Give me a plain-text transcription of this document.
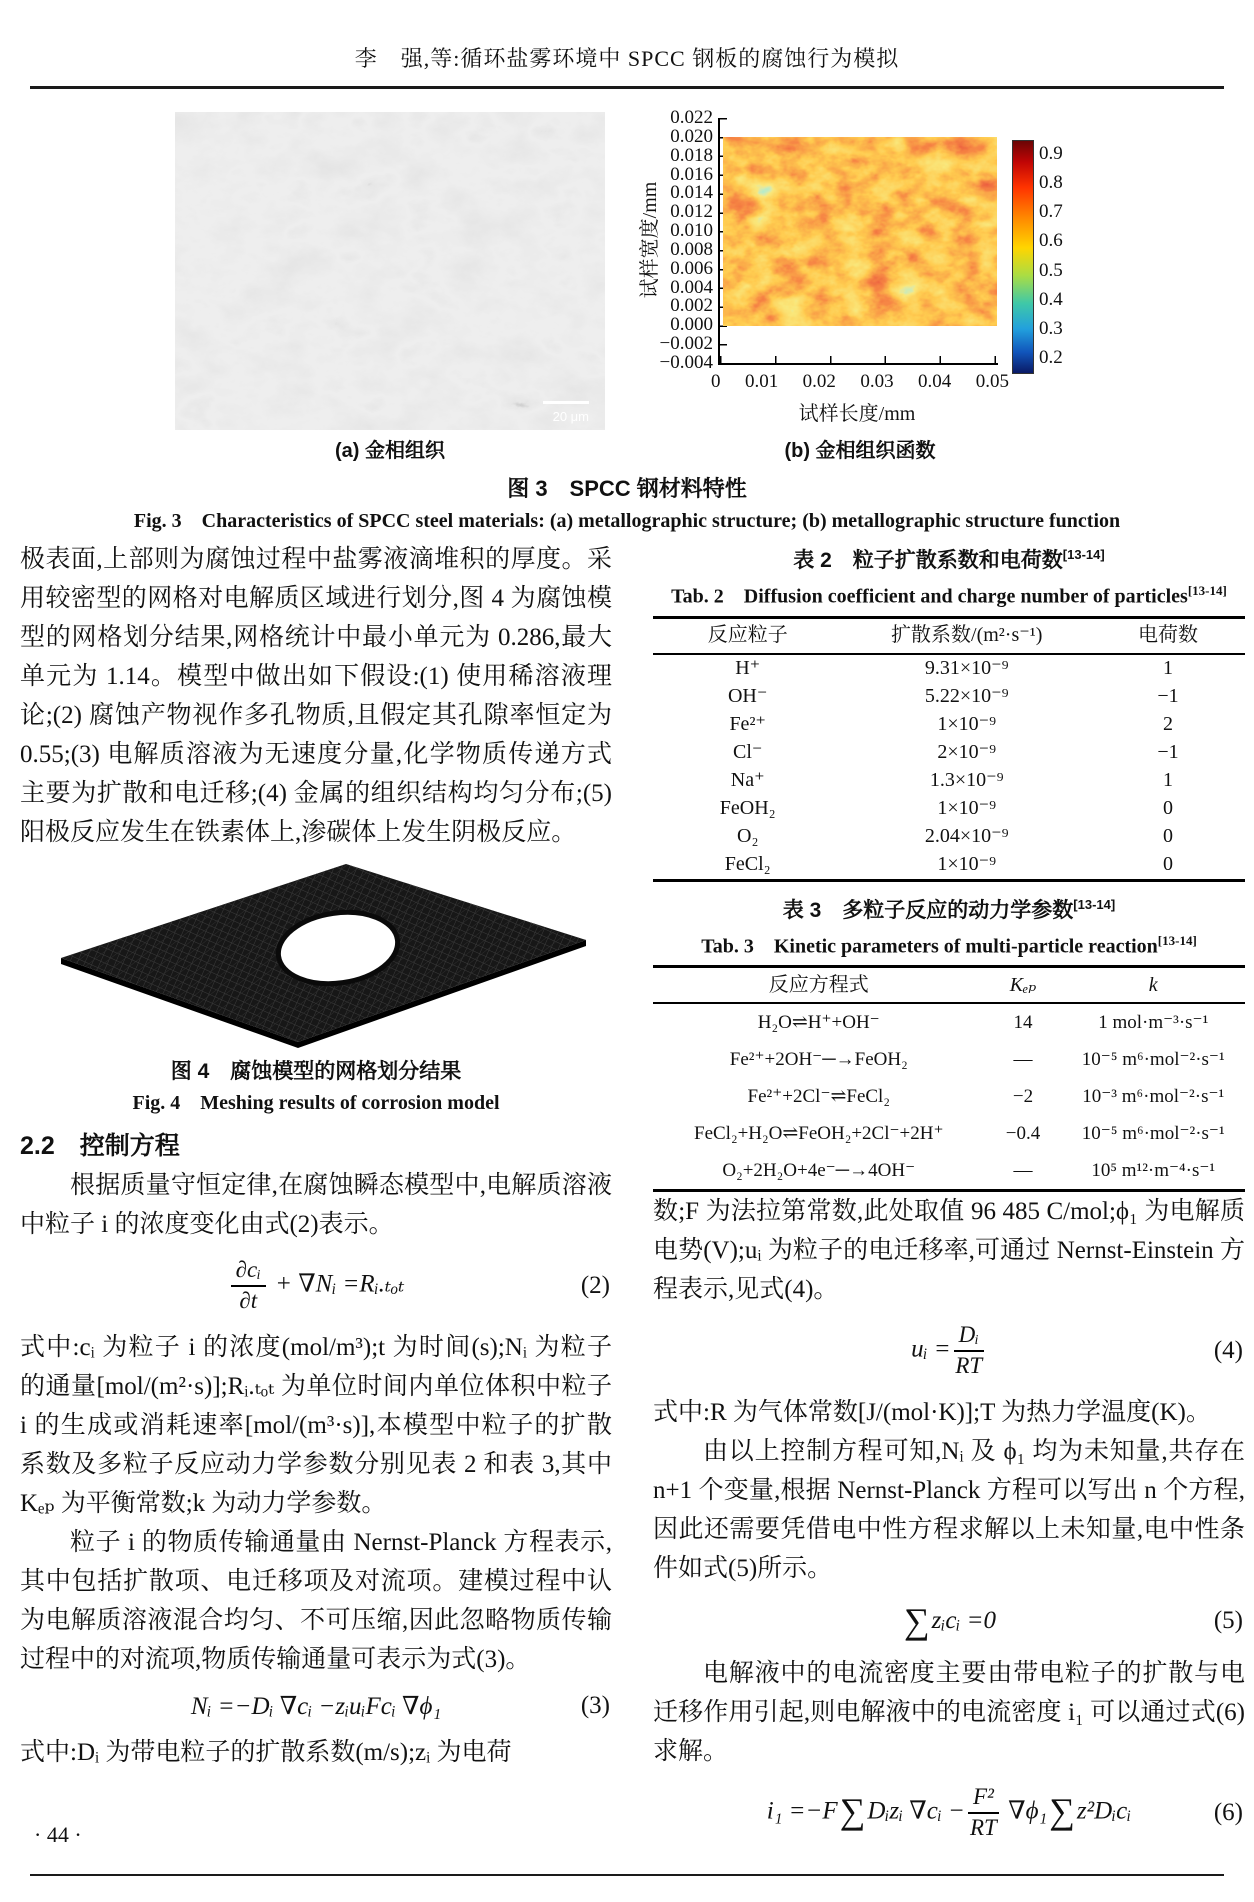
李　强,等:循环盐雾环境中 SPCC 钢板的腐蚀行为模拟
20 μm
试样宽度/mm
0.022
0.020
0.018
0.016
0.014
0.012
0.010
0.008
0.006
0.004
0.002
0.000
−0.002
−0.004
0 0.01 0.02 0.03 0.04 0.05
试样长度/mm
0.9
0.8
0.7
0.6
0.5
0.4
0.3
0.2
(a) 金相组织	(b) 金相组织函数
图 3　SPCC 钢材料特性
Fig. 3　Characteristics of SPCC steel materials: (a) metallographic structure; (b) metallographic structure function

极表面,上部则为腐蚀过程中盐雾液滴堆积的厚度。采用较密型的网格对电解质区域进行划分,图 4 为腐蚀模型的网格划分结果,网格统计中最小单元为 0.286,最大单元为 1.14。模型中做出如下假设:(1) 使用稀溶液理论;(2) 腐蚀产物视作多孔物质,且假定其孔隙率恒定为 0.55;(3) 电解质溶液为无速度分量,化学物质传递方式主要为扩散和电迁移;(4) 金属的组织结构均匀分布;(5) 阳极反应发生在铁素体上,渗碳体上发生阴极反应。

图 4　腐蚀模型的网格划分结果
Fig. 4　Meshing results of corrosion model
2.2　控制方程

根据质量守恒定律,在腐蚀瞬态模型中,电解质溶液中粒子 i 的浓度变化由式(2)表示。

$\frac{\text{∂cᵢ}}{\partial t}$ + ∇Nᵢ =Rᵢ.ₜₒₜ	(2)

式中:cᵢ 为粒子 i 的浓度(mol/m³);t 为时间(s);Nᵢ 为粒子的通量[mol/(m²·s)];Rᵢ.ₜₒₜ 为单位时间内单位体积中粒子 i 的生成或消耗速率[mol/(m³·s)],本模型中粒子的扩散系数及多粒子反应动力学参数分别见表 2 和表 3,其中 Kₑₚ 为平衡常数;k 为动力学参数。

粒子 i 的物质传输通量由 Nernst-Planck 方程表示,其中包括扩散项、电迁移项及对流项。建模过程中认为电解质溶液混合均匀、不可压缩,因此忽略物质传输过程中的对流项,物质传输通量可表示为式(3)。

Nᵢ =−Dᵢ ∇cᵢ −zᵢuᵢFcᵢ ∇ϕ₁	(3)

式中:Dᵢ 为带电粒子的扩散系数(m/s);zᵢ 为电荷

表 2　粒子扩散系数和电荷数[13-14]
Tab. 2　Diffusion coefficient and charge number of particles[13-14]
反应粒子	扩散系数/(m²·s⁻¹)	电荷数
H⁺	9.31×10⁻⁹	1
OH⁻	5.22×10⁻⁹	−1
Fe²⁺	1×10⁻⁹	2
Cl⁻	2×10⁻⁹	−1
Na⁺	1.3×10⁻⁹	1
FeOH₂	1×10⁻⁹	0
O₂	2.04×10⁻⁹	0
FeCl₂	1×10⁻⁹	0
表 3　多粒子反应的动力学参数[13-14]
Tab. 3　Kinetic parameters of multi-particle reaction[13-14]
反应方程式	Kₑₚ	k
H₂O⇌H⁺+OH⁻	14	1 mol·m⁻³·s⁻¹
Fe²⁺+2OH⁻─→FeOH₂	—	10⁻⁵ m⁶·mol⁻²·s⁻¹
Fe²⁺+2Cl⁻⇌FeCl₂	−2	10⁻³ m⁶·mol⁻²·s⁻¹
FeCl₂+H₂O⇌FeOH₂+2Cl⁻+2H⁺	−0.4	10⁻⁵ m⁶·mol⁻²·s⁻¹
O₂+2H₂O+4e⁻─→4OH⁻	—	10⁵ m¹²·m⁻⁴·s⁻¹

数;F 为法拉第常数,此处取值 96 485 C/mol;ϕ₁ 为电解质电势(V);uᵢ 为粒子的电迁移率,可通过 Nernst-Einstein 方程表示,见式(4)。

uᵢ = $\frac{\text{Dᵢ}}{RT}$	(4)

式中:R 为气体常数[J/(mol·K)];T 为热力学温度(K)。

由以上控制方程可知,Nᵢ 及 ϕ₁ 均为未知量,共存在 n+1 个变量,根据 Nernst-Planck 方程可以写出 n 个方程,因此还需要凭借电中性方程求解以上未知量,电中性条件如式(5)所示。

∑zᵢcᵢ =0	(5)

电解液中的电流密度主要由带电粒子的扩散与电迁移作用引起,则电解液中的电流密度 i₁ 可以通过式(6)求解。

i₁ =−F∑Dᵢzᵢ ∇cᵢ − $\frac{\text{F²}}{RT}$ ∇ϕ₁∑z²Dᵢcᵢ	(6)
· 44 ·
